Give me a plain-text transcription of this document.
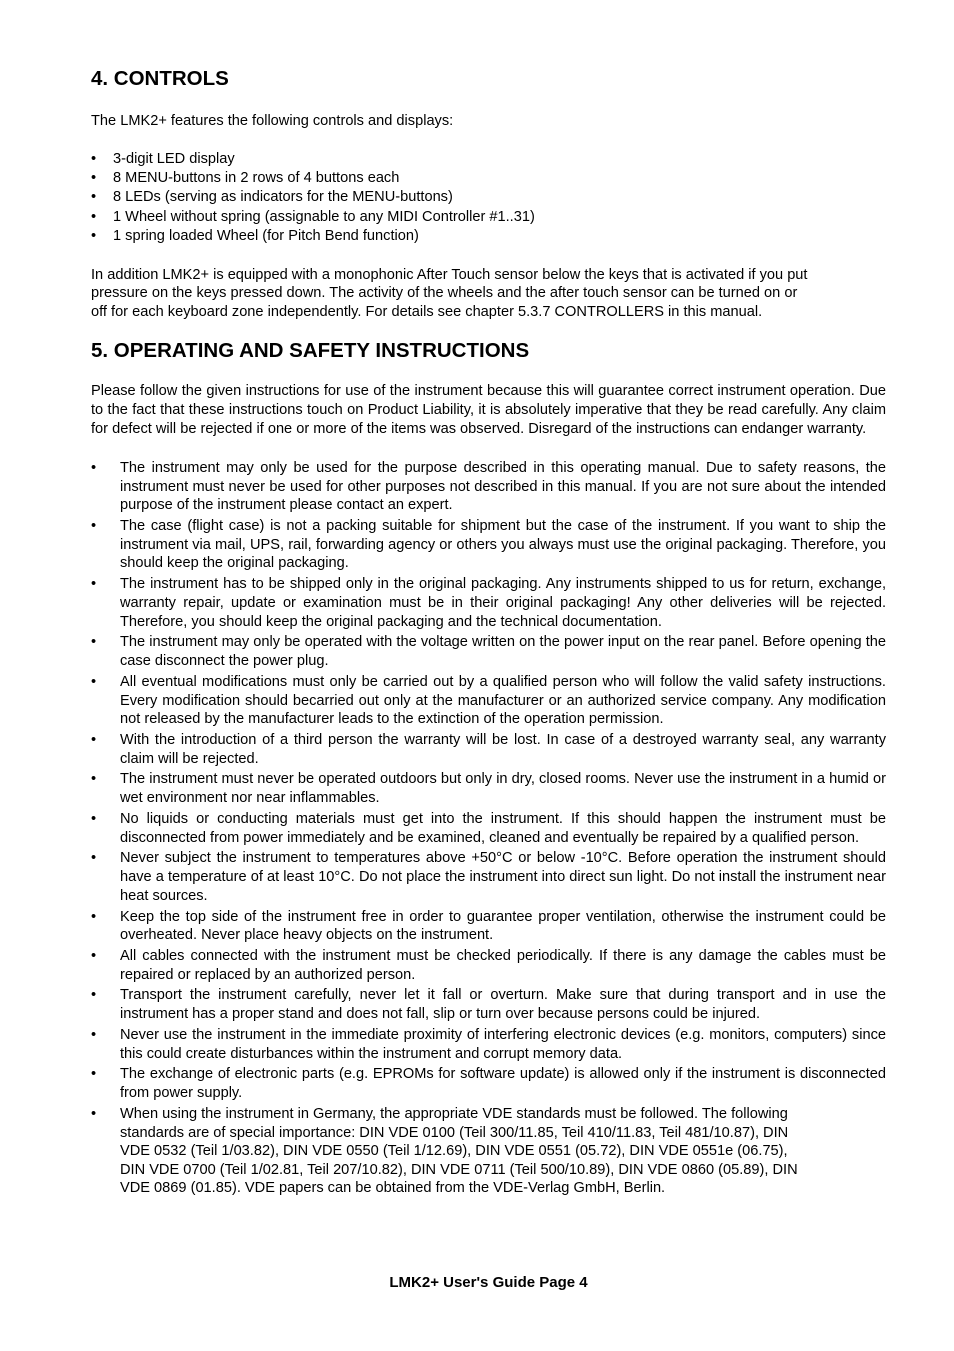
4. CONTROLS

The LMK2+ features the following controls and displays:

• 3-digit LED display
• 8 MENU-buttons in 2 rows of 4 buttons each
• 8 LEDs (serving as indicators for the MENU-buttons)
• 1 Wheel without spring (assignable to any MIDI Controller #1..31)
• 1 spring loaded Wheel (for Pitch Bend function)

In addition LMK2+ is equipped with a monophonic After Touch sensor below the keys that is activated if you put
pressure on the keys pressed down. The activity of the wheels and the after touch sensor can be turned on or
off for each keyboard zone independently. For details see chapter 5.3.7 CONTROLLERS in this manual.

5. OPERATING AND SAFETY INSTRUCTIONS

Please follow the given instructions for use of the instrument because this will guarantee correct instrument operation. Due to the fact that these instructions touch on Product Liability, it is absolutely imperative that they be read carefully. Any claim for defect will be rejected if one or more of the items was observed. Disregard of the instructions can endanger warranty.

• The instrument may only be used for the purpose described in this operating manual. Due to safety reasons, the instrument must never be used for other purposes not described in this manual. If you are not sure about the intended purpose of the instrument please contact an expert.
• The case (flight case) is not a packing suitable for shipment but the case of the instrument. If you want to ship the instrument via mail, UPS, rail, forwarding agency or others you always must use the original packaging. Therefore, you should keep the original packaging.
• The instrument has to be shipped only in the original packaging. Any instruments shipped to us for return, exchange, warranty repair, update or examination must be in their original packaging! Any other deliveries will be rejected. Therefore, you should keep the original packaging and the technical documentation.
• The instrument may only be operated with the voltage written on the power input on the rear panel. Before opening the case disconnect the power plug.
• All eventual modifications must only be carried out by a qualified person who will follow the valid safety instructions. Every modification should becarried out only at the manufacturer or an authorized service company. Any modification not released by the manufacturer leads to the extinction of the operation permission.
• With the introduction of a third person the warranty will be lost. In case of a destroyed warranty seal, any warranty claim will be rejected.
• The instrument must never be operated outdoors but only in dry, closed rooms. Never use the instrument in a humid or wet environment nor near inflammables.
• No liquids or conducting materials must get into the instrument. If this should happen the instrument must be disconnected from power immediately and be examined, cleaned and eventually be repaired by a qualified person.
• Never subject the instrument to temperatures above +50°C or below -10°C. Before operation the instrument should have a temperature of at least 10°C. Do not place the instrument into direct sun light. Do not install the instrument near heat sources.
• Keep the top side of the instrument free in order to guarantee proper ventilation, otherwise the instrument could be overheated. Never place heavy objects on the instrument.
• All cables connected with the instrument must be checked periodically. If there is any damage the cables must be repaired or replaced by an authorized person.
• Transport the instrument carefully, never let it fall or overturn. Make sure that during transport and in use the instrument has a proper stand and does not fall, slip or turn over because persons could be injured.
• Never use the instrument in the immediate proximity of interfering electronic devices (e.g. monitors, computers) since this could create disturbances within the instrument and corrupt memory data.
• The exchange of electronic parts (e.g. EPROMs for software update) is allowed only if the instrument is disconnected from power supply.
• When using the instrument in Germany, the appropriate VDE standards must be followed. The following
standards are of special importance: DIN VDE 0100 (Teil 300/11.85, Teil 410/11.83, Teil 481/10.87), DIN
VDE 0532 (Teil 1/03.82), DIN VDE 0550 (Teil 1/12.69), DIN VDE 0551 (05.72), DIN VDE 0551e (06.75),
DIN VDE 0700 (Teil 1/02.81, Teil 207/10.82), DIN VDE 0711 (Teil 500/10.89), DIN VDE 0860 (05.89), DIN
VDE 0869 (01.85). VDE papers can be obtained from the VDE-Verlag GmbH, Berlin.
LMK2+ User's Guide Page 4
